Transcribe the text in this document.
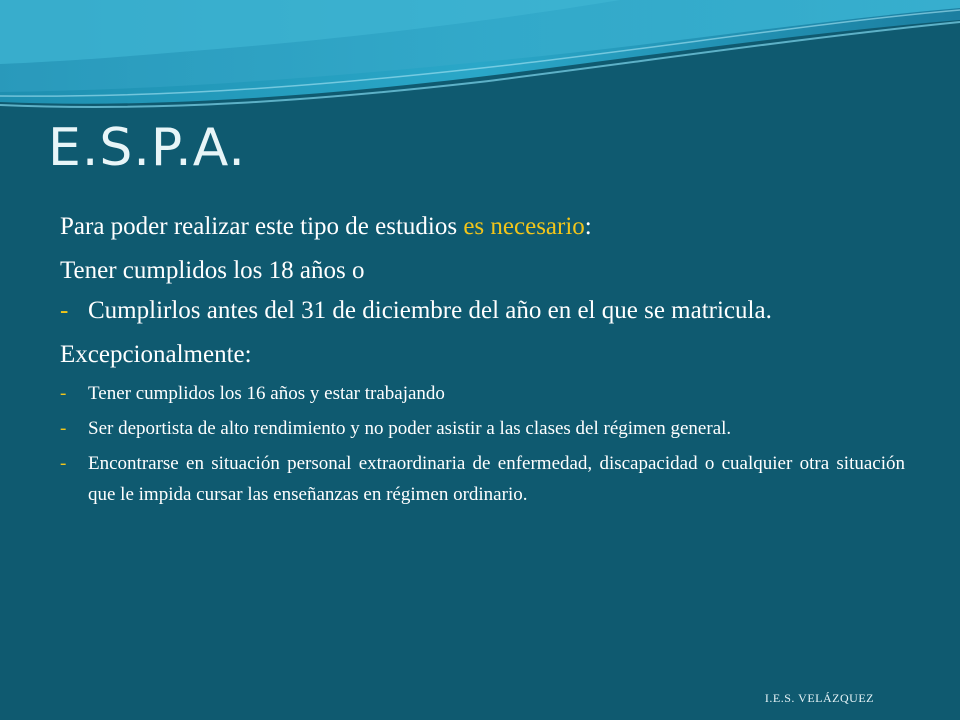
E.S.P.A.

Para poder realizar este tipo de estudios es necesario:

Tener cumplidos los 18 años o

- Cumplirlos antes del 31 de diciembre del año en el que se matricula.

Excepcionalmente:

- Tener cumplidos los 16 años y estar trabajando
- Ser deportista de alto rendimiento y no poder asistir a las clases del régimen general.
- Encontrarse en situación personal extraordinaria de enfermedad, discapacidad o cualquier otra situación que le impida cursar las enseñanzas en régimen ordinario.
I.E.S. VELÁZQUEZ
